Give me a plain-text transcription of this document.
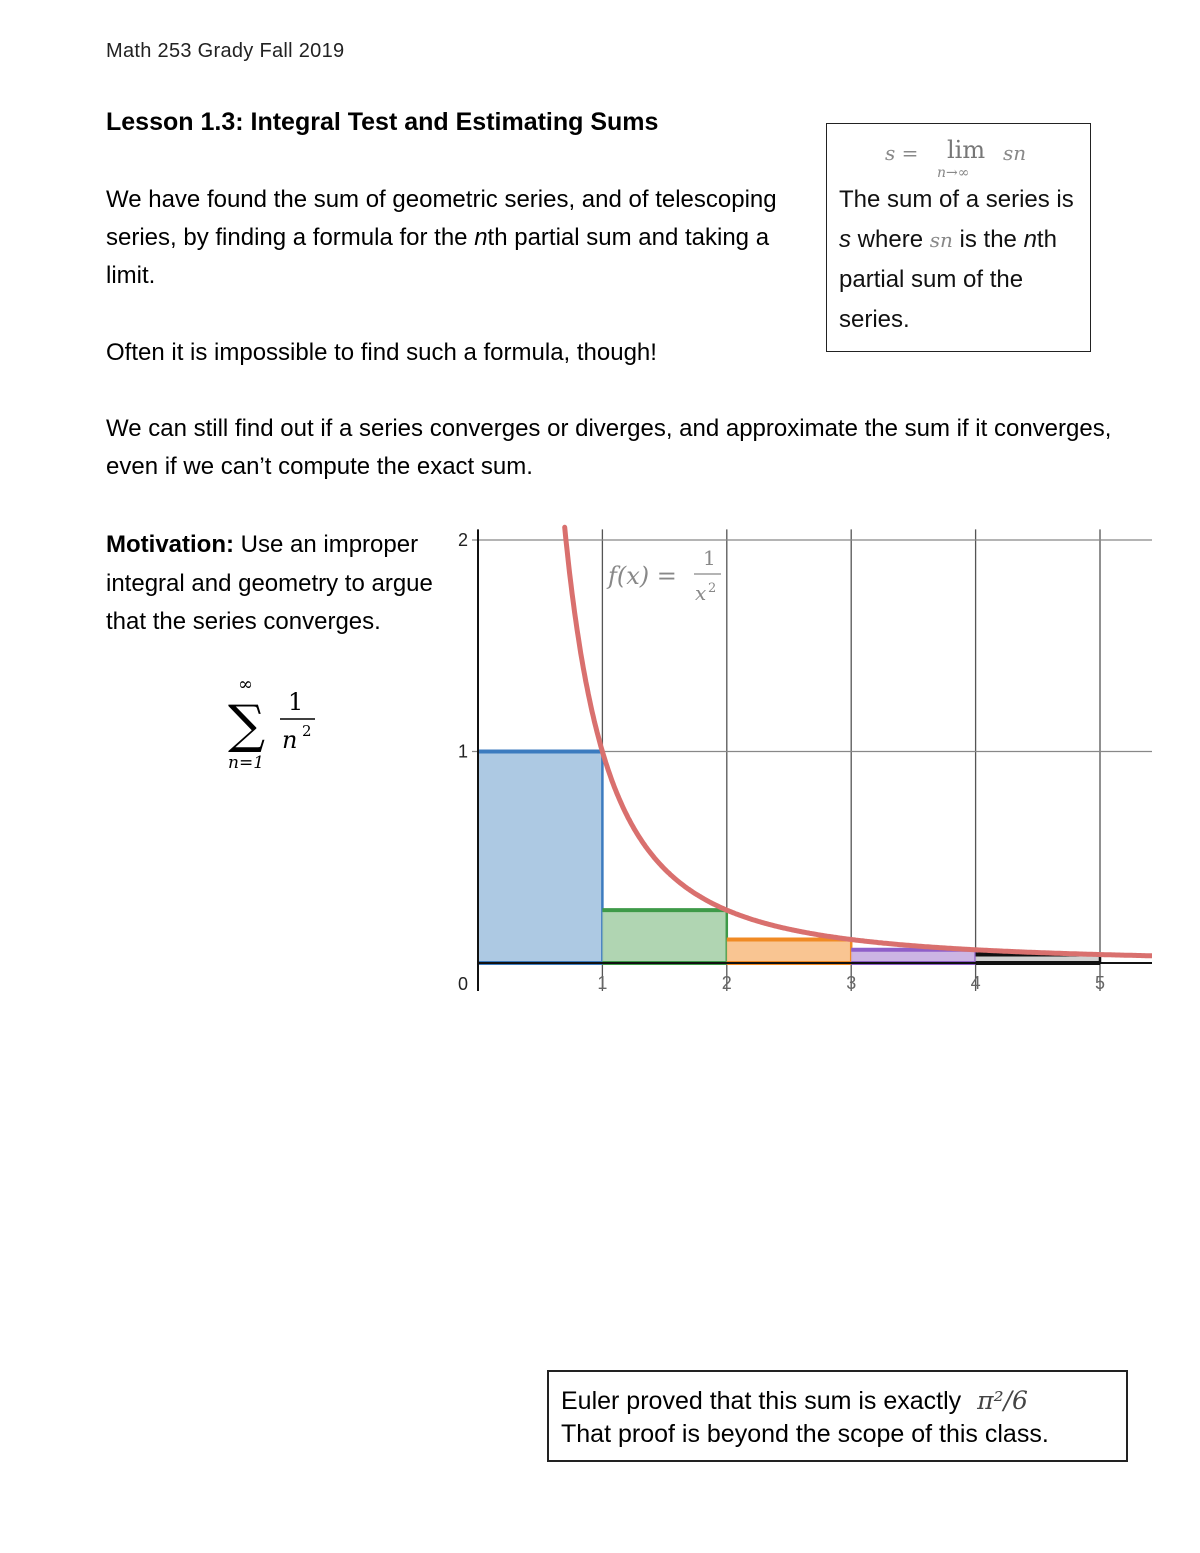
Math 253 Grady Fall 2019
Lesson 1.3: Integral Test and Estimating Sums
We have found the sum of geometric series, and of telescoping series, by finding a formula for the nth partial sum and taking a limit.
Often it is impossible to find such a formula, though!
We can still find out if a series converges or diverges, and approximate the sum if it converges, even if we can’t compute the exact sum.
s = lim
n→∞
sn
The sum of a series is s where sn is the nth partial sum of the series.
Motivation: Use an improper integral and geometry to argue that the series converges.
∞
∑
n=1
1
n 2
1	2	3	4	5
0
1
2
f(x) =
1
x 2
Euler proved that this sum is exactly π²/6
That proof is beyond the scope of this class.
